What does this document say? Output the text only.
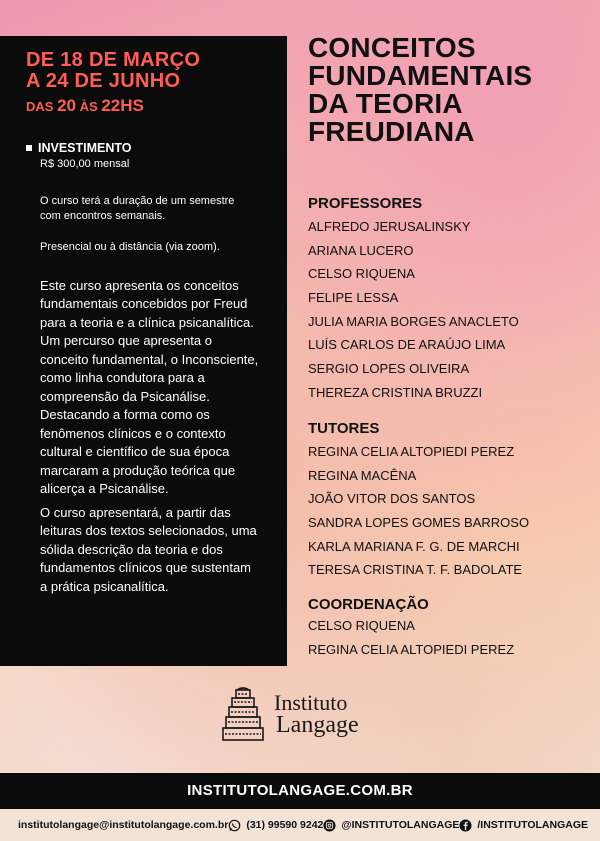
DE 18 DE MARÇO
A 24 DE JUNHO
DAS 20 ÀS 22HS
INVESTIMENTO
R$ 300,00 mensal
O curso terá a duração de um semestre
com encontros semanais.
Presencial ou à distância (via zoom).

Este curso apresenta os conceitos fundamentais concebidos por Freud para a teoria e a clínica psicanalítica. Um percurso que apresenta o conceito fundamental, o Inconsciente, como linha condutora para a compreensão da Psicanálise. Destacando a forma como os fenômenos clínicos e o contexto cultural e científico de sua época marcaram a produção teórica que alicerça a Psicanálise.

O curso apresentará, a partir das leituras dos textos selecionados, uma sólida descrição da teoria e dos fundamentos clínicos que sustentam a prática psicanalítica.

CONCEITOS
FUNDAMENTAIS
DA TEORIA
FREUDIANA
PROFESSORES
ALFREDO JERUSALINSKY
ARIANA LUCERO
CELSO RIQUENA
FELIPE LESSA
JULIA MARIA BORGES ANACLETO
LUÍS CARLOS DE ARAÚJO LIMA
SERGIO LOPES OLIVEIRA
THEREZA CRISTINA BRUZZI
TUTORES
REGINA CELIA ALTOPIEDI PEREZ
REGINA MACÊNA
JOÃO VITOR DOS SANTOS
SANDRA LOPES GOMES BARROSO
KARLA MARIANA F. G. DE MARCHI
TERESA CRISTINA T. F. BADOLATE
COORDENAÇÃO
CELSO RIQUENA
REGINA CELIA ALTOPIEDI PEREZ
Instituto
Langage
INSTITUTOLANGAGE.COM.BR
institutolangage@institutolangage.com.br (31) 99590 9242 @INSTITUTOLANGAGE /INSTITUTOLANGAGE
